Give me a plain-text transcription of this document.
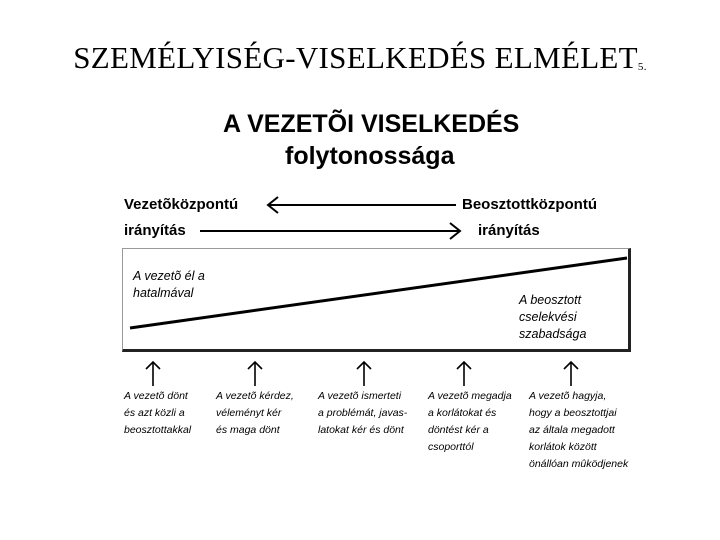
SZEMÉLYISÉG-VISELKEDÉS $ELMÉLET_{5.}$
A VEZETÕI VISELKEDÉS
folytonossága
Vezetõközpontú
irányítás
Beosztottközpontú
irányítás
A vezetõ él a
hatalmával	A beosztott
cselekvési
szabadsága
A vezetõ dönt
és azt közli a
beosztottakkal
A vezetõ kérdez,
véleményt kér
és maga dönt
A vezetõ ismerteti
a problémát, javas-
latokat kér és dönt
A vezetõ megadja
a korlátokat és
döntést kér a
csoporttól
A vezetõ hagyja,
hogy a beosztottjai
az általa megadott
korlátok között
önállóan mûködjenek
